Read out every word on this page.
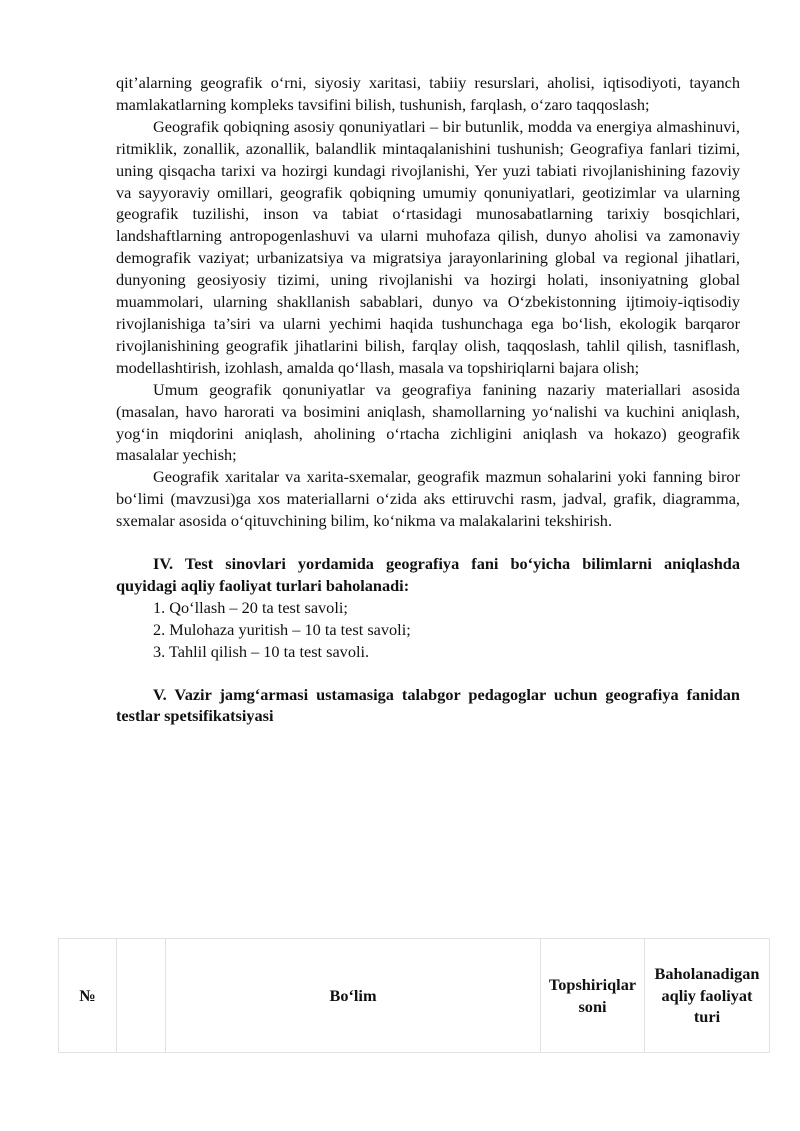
qit’alarning geografik o‘rni, siyosiy xaritasi, tabiiy resurslari, aholisi, iqtisodiyoti, tayanch mamlakatlarning kompleks tavsifini bilish, tushunish, farqlash, o‘zaro taqqoslash;

Geografik qobiqning asosiy qonuniyatlari – bir butunlik, modda va energiya almashinuvi, ritmiklik, zonallik, azonallik, balandlik mintaqalanishini tushunish; Geografiya fanlari tizimi, uning qisqacha tarixi va hozirgi kundagi rivojlanishi, Yer yuzi tabiati rivojlanishining fazoviy va sayyoraviy omillari, geografik qobiqning umumiy qonuniyatlari, geotizimlar va ularning geografik tuzilishi, inson va tabiat o‘rtasidagi munosabatlarning tarixiy bosqichlari, landshaftlarning antropogenlashuvi va ularni muhofaza qilish, dunyo aholisi va zamonaviy demografik vaziyat; urbanizatsiya va migratsiya jarayonlarining global va regional jihatlari, dunyoning geosiyosiy tizimi, uning rivojlanishi va hozirgi holati, insoniyatning global muammolari, ularning shakllanish sabablari, dunyo va O‘zbekistonning ijtimoiy-iqtisodiy rivojlanishiga ta’siri va ularni yechimi haqida tushunchaga ega bo‘lish, ekologik barqaror rivojlanishining geografik jihatlarini bilish, farqlay olish, taqqoslash, tahlil qilish, tasniflash, modellashtirish, izohlash, amalda qo‘llash, masala va topshiriqlarni bajara olish;

Umum geografik qonuniyatlar va geografiya fanining nazariy materiallari asosida (masalan, havo harorati va bosimini aniqlash, shamollarning yo‘nalishi va kuchini aniqlash, yog‘in miqdorini aniqlash, aholining o‘rtacha zichligini aniqlash va hokazo) geografik masalalar yechish;

Geografik xaritalar va xarita-sxemalar, geografik mazmun sohalarini yoki fanning biror bo‘limi (mavzusi)ga xos materiallarni o‘zida aks ettiruvchi rasm, jadval, grafik, diagramma, sxemalar asosida o‘qituvchining bilim, ko‘nikma va malakalarini tekshirish.

IV. Test sinovlari yordamida geografiya fani bo‘yicha bilimlarni aniqlashda quyidagi aqliy faoliyat turlari baholanadi:

1. Qo‘llash – 20 ta test savoli;

2. Mulohaza yuritish – 10 ta test savoli;

3. Tahlil qilish – 10 ta test savoli.

V. Vazir jamg‘armasi ustamasiga talabgor pedagoglar uchun geografiya fanidan testlar spetsifikatsiyasi

№		Bo‘lim	Topshiriqlar soni	Baholanadigan aqliy faoliyat turi
